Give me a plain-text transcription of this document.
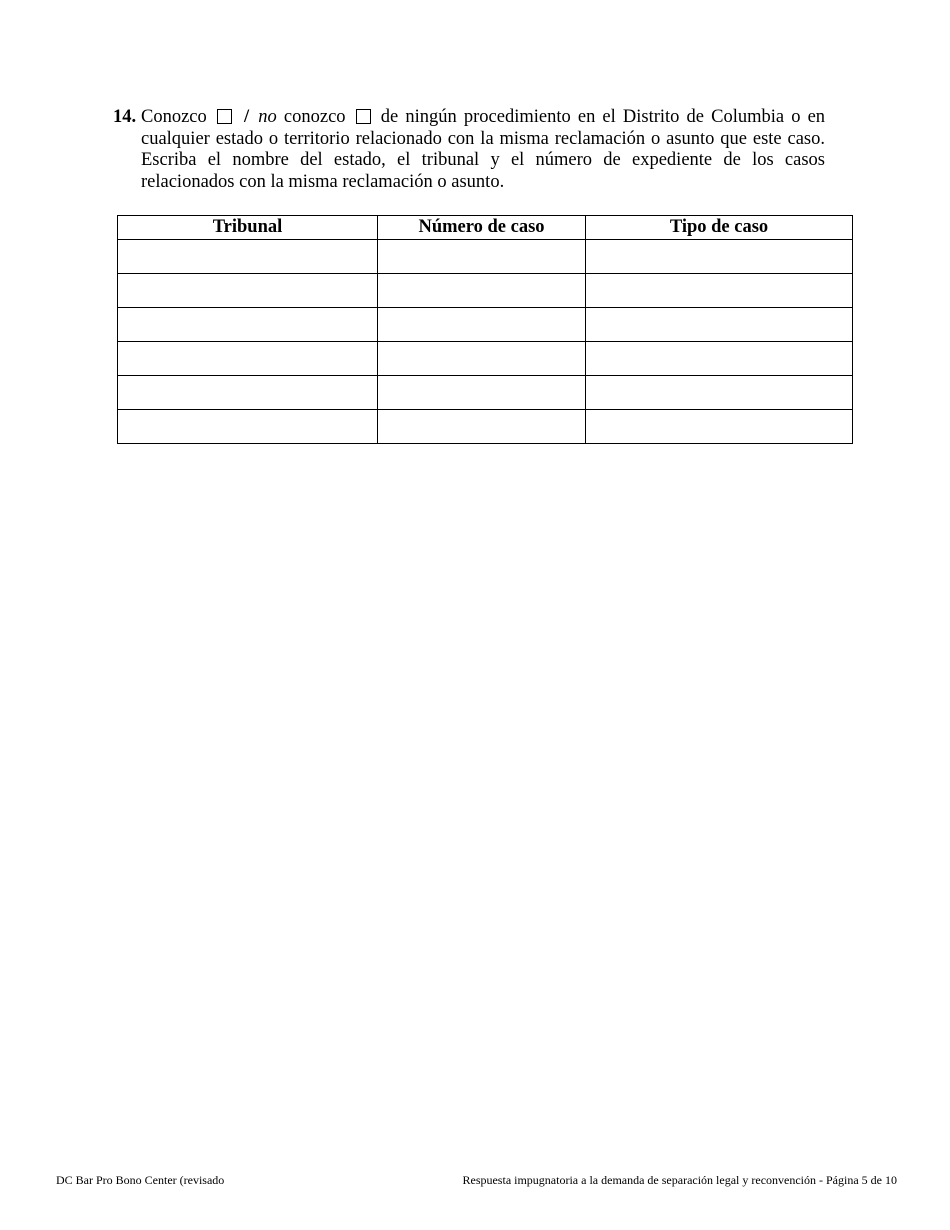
14. Conozco / no conozco de ningún procedimiento en el Distrito de Columbia o en cualquier estado o territorio relacionado con la misma reclamación o asunto que este caso. Escriba el nombre del estado, el tribunal y el número de expediente de los casos relacionados con la misma reclamación o asunto.
Tribunal	Número de caso	Tipo de caso

DC Bar Pro Bono Center (revisado	Respuesta impugnatoria a la demanda de separación legal y reconvención - Página 5 de 10
